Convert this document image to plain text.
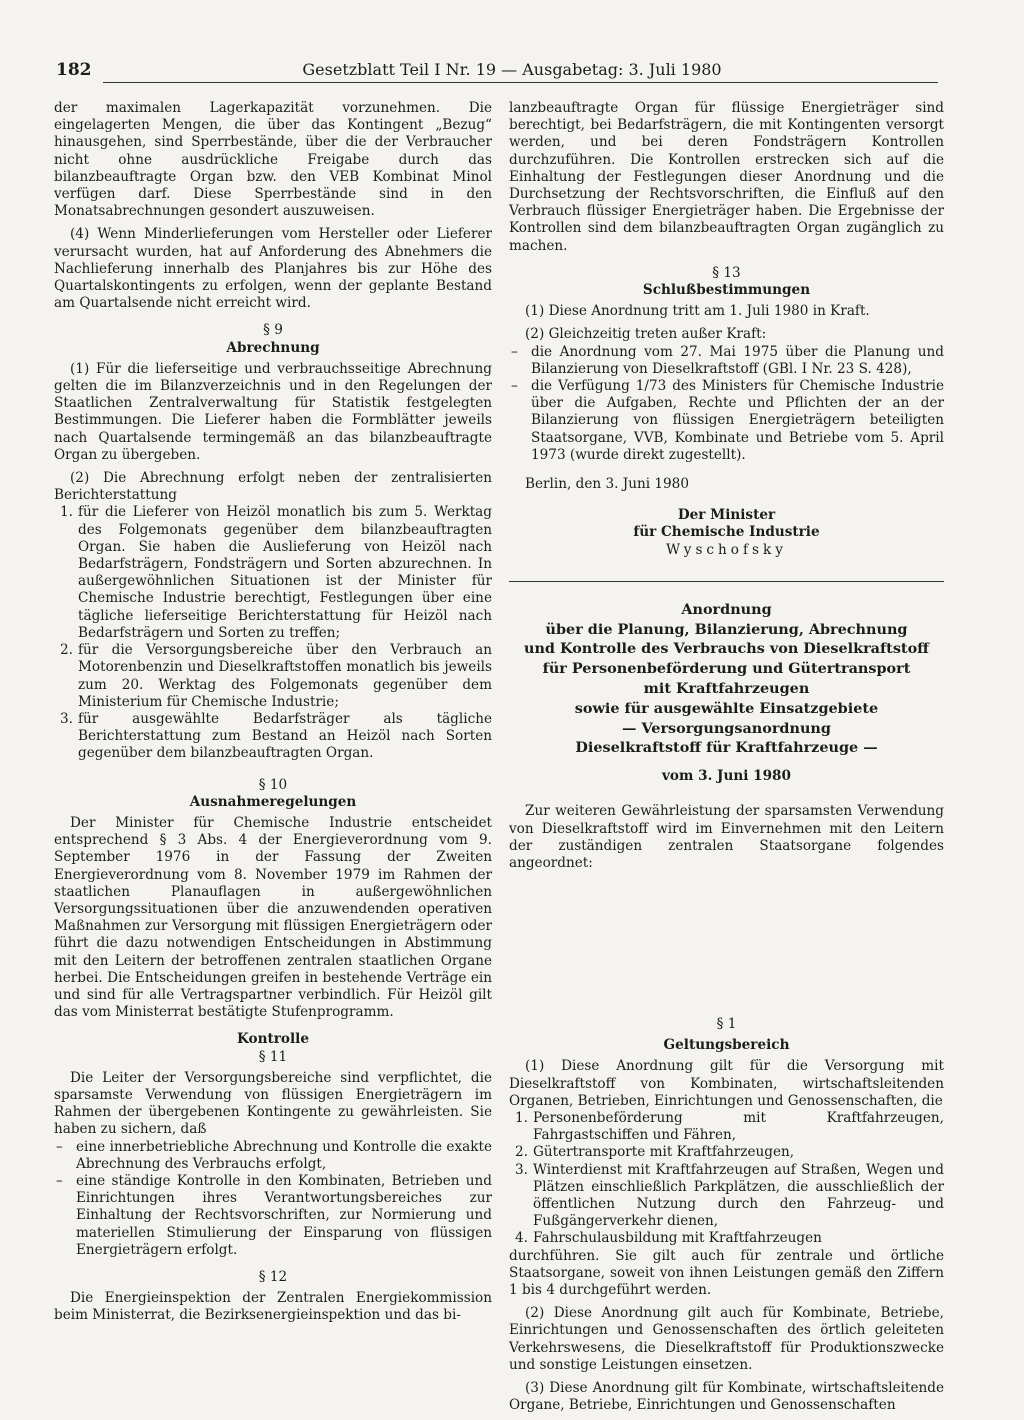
182	Gesetzblatt Teil I Nr. 19 — Ausgabetag: 3. Juli 1980

der maximalen Lagerkapazität vorzunehmen. Die eingelagerten Mengen, die über das Kontingent „Bezug“ hinausgehen, sind Sperrbestände, über die der Verbraucher nicht ohne ausdrückliche Freigabe durch das bilanzbeauftragte Organ bzw. den VEB Kombinat Minol verfügen darf. Diese Sperrbestände sind in den Monatsabrechnungen gesondert auszuweisen.

(4) Wenn Minderlieferungen vom Hersteller oder Lieferer verursacht wurden, hat auf Anforderung des Abnehmers die Nachlieferung innerhalb des Planjahres bis zur Höhe des Quartalskontingents zu erfolgen, wenn der geplante Bestand am Quartalsende nicht erreicht wird.

§ 9
Abrechnung

(1) Für die lieferseitige und verbrauchsseitige Abrechnung gelten die im Bilanzverzeichnis und in den Regelungen der Staatlichen Zentralverwaltung für Statistik festgelegten Bestimmungen. Die Lieferer haben die Formblätter jeweils nach Quartalsende termingemäß an das bilanzbeauftragte Organ zu übergeben.

(2) Die Abrechnung erfolgt neben der zentralisierten Berichterstattung

1. für die Lieferer von Heizöl monatlich bis zum 5. Werktag des Folgemonats gegenüber dem bilanzbeauftragten Organ. Sie haben die Auslieferung von Heizöl nach Bedarfsträgern, Fondsträgern und Sorten abzurechnen. In außergewöhnlichen Situationen ist der Minister für Chemische Industrie berechtigt, Festlegungen über eine tägliche lieferseitige Berichterstattung für Heizöl nach Bedarfsträgern und Sorten zu treffen;
2. für die Versorgungsbereiche über den Verbrauch an Motorenbenzin und Dieselkraftstoffen monatlich bis jeweils zum 20. Werktag des Folgemonats gegenüber dem Ministerium für Chemische Industrie;
3. für ausgewählte Bedarfsträger als tägliche Berichterstattung zum Bestand an Heizöl nach Sorten gegenüber dem bilanzbeauftragten Organ.
§ 10
Ausnahmeregelungen

Der Minister für Chemische Industrie entscheidet entsprechend § 3 Abs. 4 der Energieverordnung vom 9. September 1976 in der Fassung der Zweiten Energieverordnung vom 8. November 1979 im Rahmen der staatlichen Planauflagen in außergewöhnlichen Versorgungssituationen über die anzuwendenden operativen Maßnahmen zur Versorgung mit flüssigen Energieträgern oder führt die dazu notwendigen Entscheidungen in Abstimmung mit den Leitern der betroffenen zentralen staatlichen Organe herbei. Die Entscheidungen greifen in bestehende Verträge ein und sind für alle Vertragspartner verbindlich. Für Heizöl gilt das vom Ministerrat bestätigte Stufenprogramm.

Kontrolle
§ 11

Die Leiter der Versorgungsbereiche sind verpflichtet, die sparsamste Verwendung von flüssigen Energieträgern im Rahmen der übergebenen Kontingente zu gewährleisten. Sie haben zu sichern, daß

– eine innerbetriebliche Abrechnung und Kontrolle die exakte Abrechnung des Verbrauchs erfolgt,
– eine ständige Kontrolle in den Kombinaten, Betrieben und Einrichtungen ihres Verantwortungsbereiches zur Einhaltung der Rechtsvorschriften, zur Normierung und materiellen Stimulierung der Einsparung von flüssigen Energieträgern erfolgt.
§ 12

Die Energieinspektion der Zentralen Energiekommission beim Ministerrat, die Bezirksenergieinspektion und das bi-

lanzbeauftragte Organ für flüssige Energieträger sind berechtigt, bei Bedarfsträgern, die mit Kontingenten versorgt werden, und bei deren Fondsträgern Kontrollen durchzuführen. Die Kontrollen erstrecken sich auf die Einhaltung der Festlegungen dieser Anordnung und die Durchsetzung der Rechtsvorschriften, die Einfluß auf den Verbrauch flüssiger Energieträger haben. Die Ergebnisse der Kontrollen sind dem bilanzbeauftragten Organ zugänglich zu machen.

§ 13
Schlußbestimmungen

(1) Diese Anordnung tritt am 1. Juli 1980 in Kraft.

(2) Gleichzeitig treten außer Kraft:

– die Anordnung vom 27. Mai 1975 über die Planung und Bilanzierung von Dieselkraftstoff (GBl. I Nr. 23 S. 428),
– die Verfügung 1/73 des Ministers für Chemische Industrie über die Aufgaben, Rechte und Pflichten der an der Bilanzierung von flüssigen Energieträgern beteiligten Staatsorgane, VVB, Kombinate und Betriebe vom 5. April 1973 (wurde direkt zugestellt).

Berlin, den 3. Juni 1980

Der Minister
für Chemische Industrie
Wyschofsky
Anordnung
über die Planung, Bilanzierung, Abrechnung
und Kontrolle des Verbrauchs von Dieselkraftstoff
für Personenbeförderung und Gütertransport
mit Kraftfahrzeugen
sowie für ausgewählte Einsatzgebiete
— Versorgungsanordnung
Dieselkraftstoff für Kraftfahrzeuge —
vom 3. Juni 1980

Zur weiteren Gewährleistung der sparsamsten Verwendung von Dieselkraftstoff wird im Einvernehmen mit den Leitern der zuständigen zentralen Staatsorgane folgendes angeordnet:

§ 1
Geltungsbereich

(1) Diese Anordnung gilt für die Versorgung mit Dieselkraftstoff von Kombinaten, wirtschaftsleitenden Organen, Betrieben, Einrichtungen und Genossenschaften, die

1. Personenbeförderung mit Kraftfahrzeugen, Fahrgastschiffen und Fähren,
2. Gütertransporte mit Kraftfahrzeugen,
3. Winterdienst mit Kraftfahrzeugen auf Straßen, Wegen und Plätzen einschließlich Parkplätzen, die ausschließlich der öffentlichen Nutzung durch den Fahrzeug- und Fußgängerverkehr dienen,
4. Fahrschulausbildung mit Kraftfahrzeugen

durchführen. Sie gilt auch für zentrale und örtliche Staatsorgane, soweit von ihnen Leistungen gemäß den Ziffern 1 bis 4 durchgeführt werden.

(2) Diese Anordnung gilt auch für Kombinate, Betriebe, Einrichtungen und Genossenschaften des örtlich geleiteten Verkehrswesens, die Dieselkraftstoff für Produktionszwecke und sonstige Leistungen einsetzen.

(3) Diese Anordnung gilt für Kombinate, wirtschaftsleitende Organe, Betriebe, Einrichtungen und Genossenschaften
